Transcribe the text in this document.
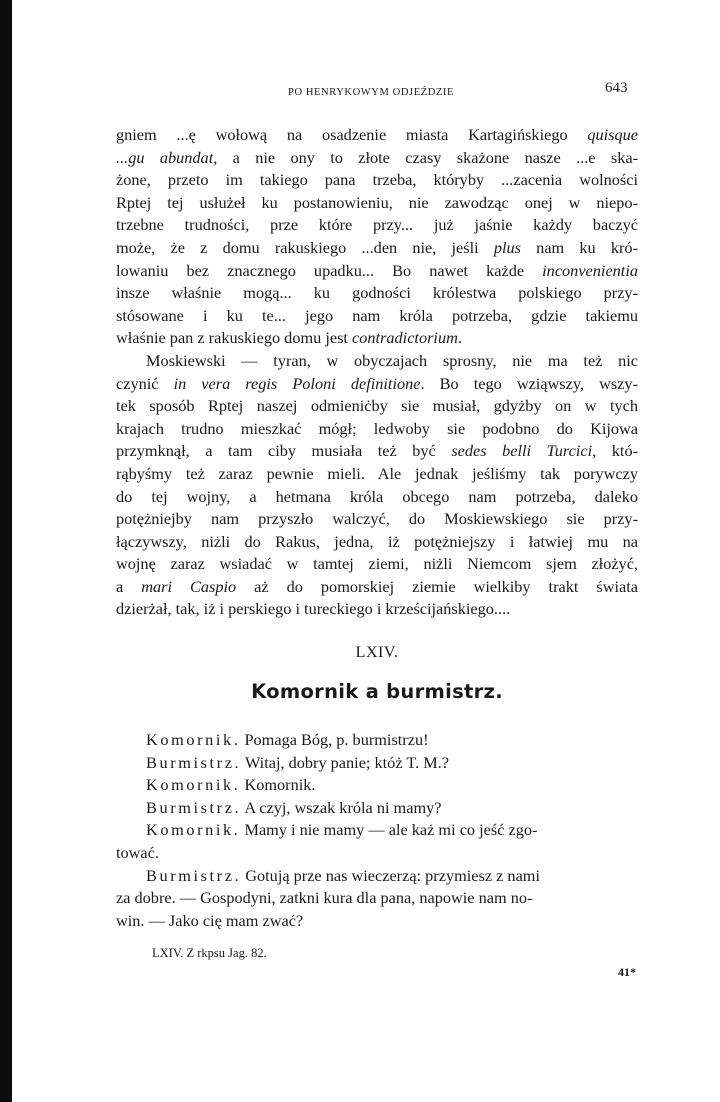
PO HENRYKOWYM ODJEŹDZIE	643
gniem ...ę wołową na osadzenie miasta Kartagińskiego quisque
...gu abundat, a nie ony to złote czasy skażone nasze ...e ska-
żone, przeto im takiego pana trzeba, któryby ...zacenia wolności
Rptej tej usłużeł ku postanowieniu, nie zawodząc onej w niepo-
trzebne trudności, prze które przy... już jaśnie każdy baczyć
może, że z domu rakuskiego ...den nie, jeśli plus nam ku kró-
lowaniu bez znacznego upadku... Bo nawet każde inconvenientia
insze właśnie mogą... ku godności królestwa polskiego przy-
stósowane i ku te... jego nam króla potrzeba, gdzie takiemu
właśnie pan z rakuskiego domu jest contradictorium.
Moskiewski — tyran, w obyczajach sprosny, nie ma też nic
czynić in vera regis Poloni definitione. Bo tego wziąwszy, wszy-
tek sposób Rptej naszej odmieniċby sie musiał, gdyżby on w tych
krajach trudno mieszkać mógł; ledwoby sie podobno do Kijowa
przymknął, a tam ciby musiała też być sedes belli Turcici, któ-
rąbyśmy też zaraz pewnie mieli. Ale jednak jeśliśmy tak porywczy
do tej wojny, a hetmana króla obcego nam potrzeba, daleko
potężniejby nam przyszło walczyć, do Moskiewskiego sie przy-
łączywszy, niżli do Rakus, jedna, iż potężniejszy i łatwiej mu na
wojnę zaraz wsiadać w tamtej ziemi, niżli Niemcom sjem złożyć,
a mari Caspio aż do pomorskiej ziemie wielkiby trakt świata
dzierżał, tak, iż i perskiego i tureckiego i krześcijańskiego....
LXIV.
Komornik a burmistrz.
Komornik. Pomaga Bóg, p. burmistrzu!
Burmistrz. Witaj, dobry panie; któż T. M.?
Komornik. Komornik.
Burmistrz. A czyj, wszak króla ni mamy?
Komornik. Mamy i nie mamy — ale każ mi co jeść zgo-
tować.
Burmistrz. Gotują prze nas wieczerzą: przymiesz z nami
za dobre. — Gospodyni, zatkni kura dla pana, napowie nam no-
win. — Jako cię mam zwać?
LXIV. Z rkpsu Jag. 82.
41*
